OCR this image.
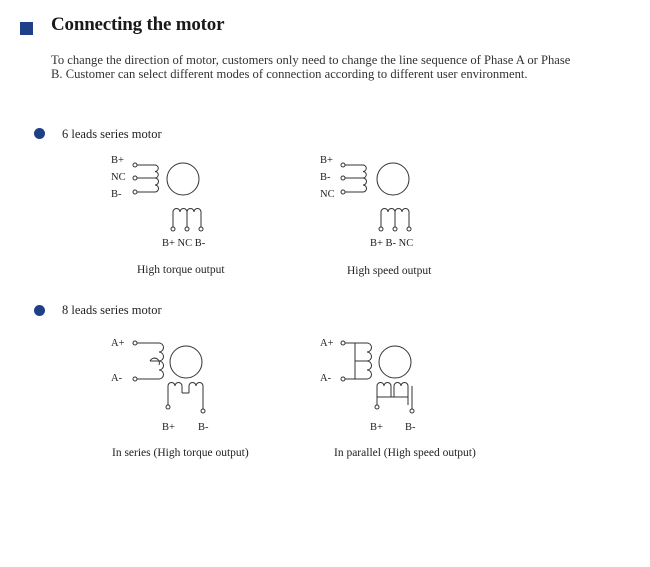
Connecting the motor
To change the direction of motor, customers only need to change the line sequence of Phase A or Phase
B. Customer can select different modes of connection according to different user environment.
6 leads series motor
B+
NC
B-
B+ NC B-
High torque output
B+
B-
NC
B+ B- NC
High speed output
8 leads series motor
A+
A-
B+ B-
In series (High torque output)
A+
A-
B+ B-
In parallel (High speed output)
